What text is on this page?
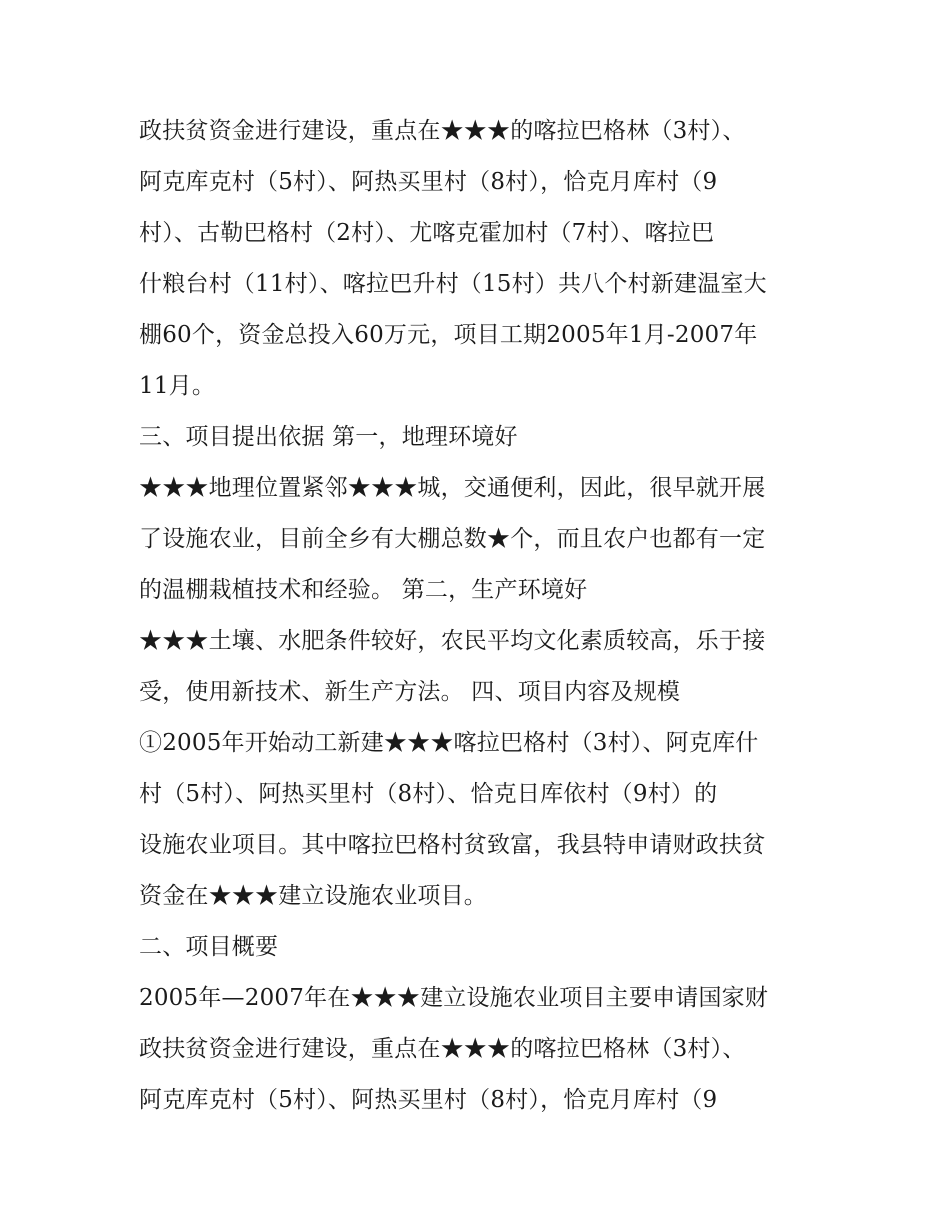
政扶贫资金进行建设，重点在★★★的喀拉巴格林（3村）、
阿克库克村（5村）、阿热买里村（8村），恰克月库村（9
村）、古勒巴格村（2村）、尤喀克霍加村（7村）、喀拉巴
什粮台村（11村）、喀拉巴升村（15村）共八个村新建温室大
棚60个，资金总投入60万元，项目工期2005年1月-2007年
11月。
三、项目提出依据 第一，地理环境好
★★★地理位置紧邻★★★城，交通便利，因此，很早就开展
了设施农业，目前全乡有大棚总数★个，而且农户也都有一定
的温棚栽植技术和经验。 第二，生产环境好
★★★土壤、水肥条件较好，农民平均文化素质较高，乐于接
受，使用新技术、新生产方法。 四、项目内容及规模
①2005年开始动工新建★★★喀拉巴格村（3村）、阿克库什
村（5村）、阿热买里村（8村）、恰克日库依村（9村）的
设施农业项目。其中喀拉巴格村贫致富，我县特申请财政扶贫
资金在★★★建立设施农业项目。
二、项目概要
2005年—2007年在★★★建立设施农业项目主要申请国家财
政扶贫资金进行建设，重点在★★★的喀拉巴格林（3村）、
阿克库克村（5村）、阿热买里村（8村），恰克月库村（9
